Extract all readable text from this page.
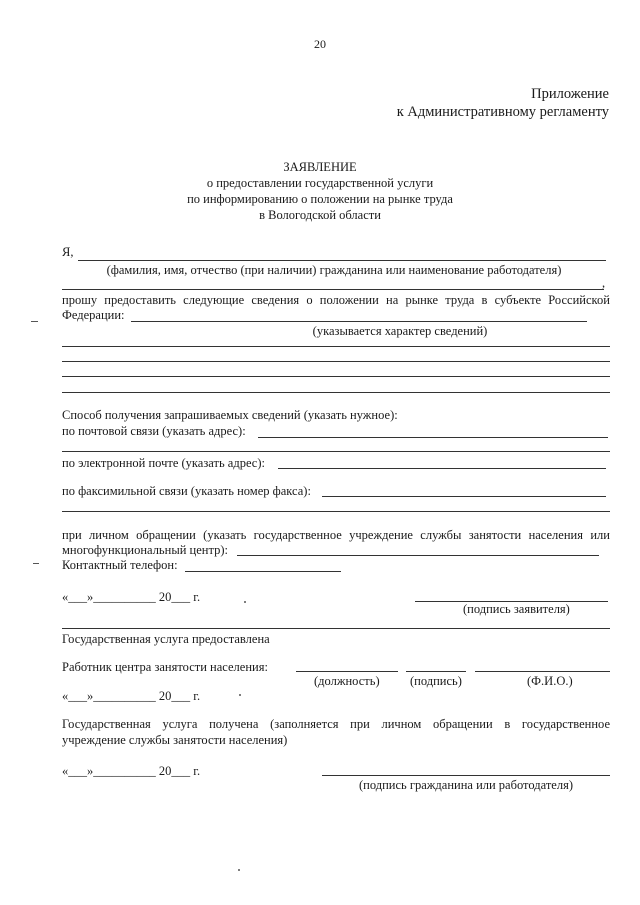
20
Приложение
к Административному регламенту
ЗАЯВЛЕНИЕ
о предоставлении государственной услуги
по информированию о положении на рынке труда
в Вологодской области
Я,
(фамилия, имя, отчество (при наличии) гражданина или наименование работодателя)
,
прошу предоставить следующие сведения о положении на рынке труда в субъекте Российской
Федерации:
(указывается характер сведений)
Способ получения запрашиваемых сведений (указать нужное):
по почтовой связи (указать адрес):
по электронной почте (указать адрес):
по факсимильной связи (указать номер факса):
при личном обращении (указать государственное учреждение службы занятости населения или
многофункциональный центр):
Контактный телефон:
«___»__________ 20___ г.
(подпись заявителя)
Государственная услуга предоставлена
Работник центра занятости населения:
(должность) (подпись)	(Ф.И.О.)
«___»__________ 20___ г.
Государственная услуга получена (заполняется при личном обращении в государственное
учреждение службы занятости населения)
«___»__________ 20___ г.
(подпись гражданина или работодателя)
